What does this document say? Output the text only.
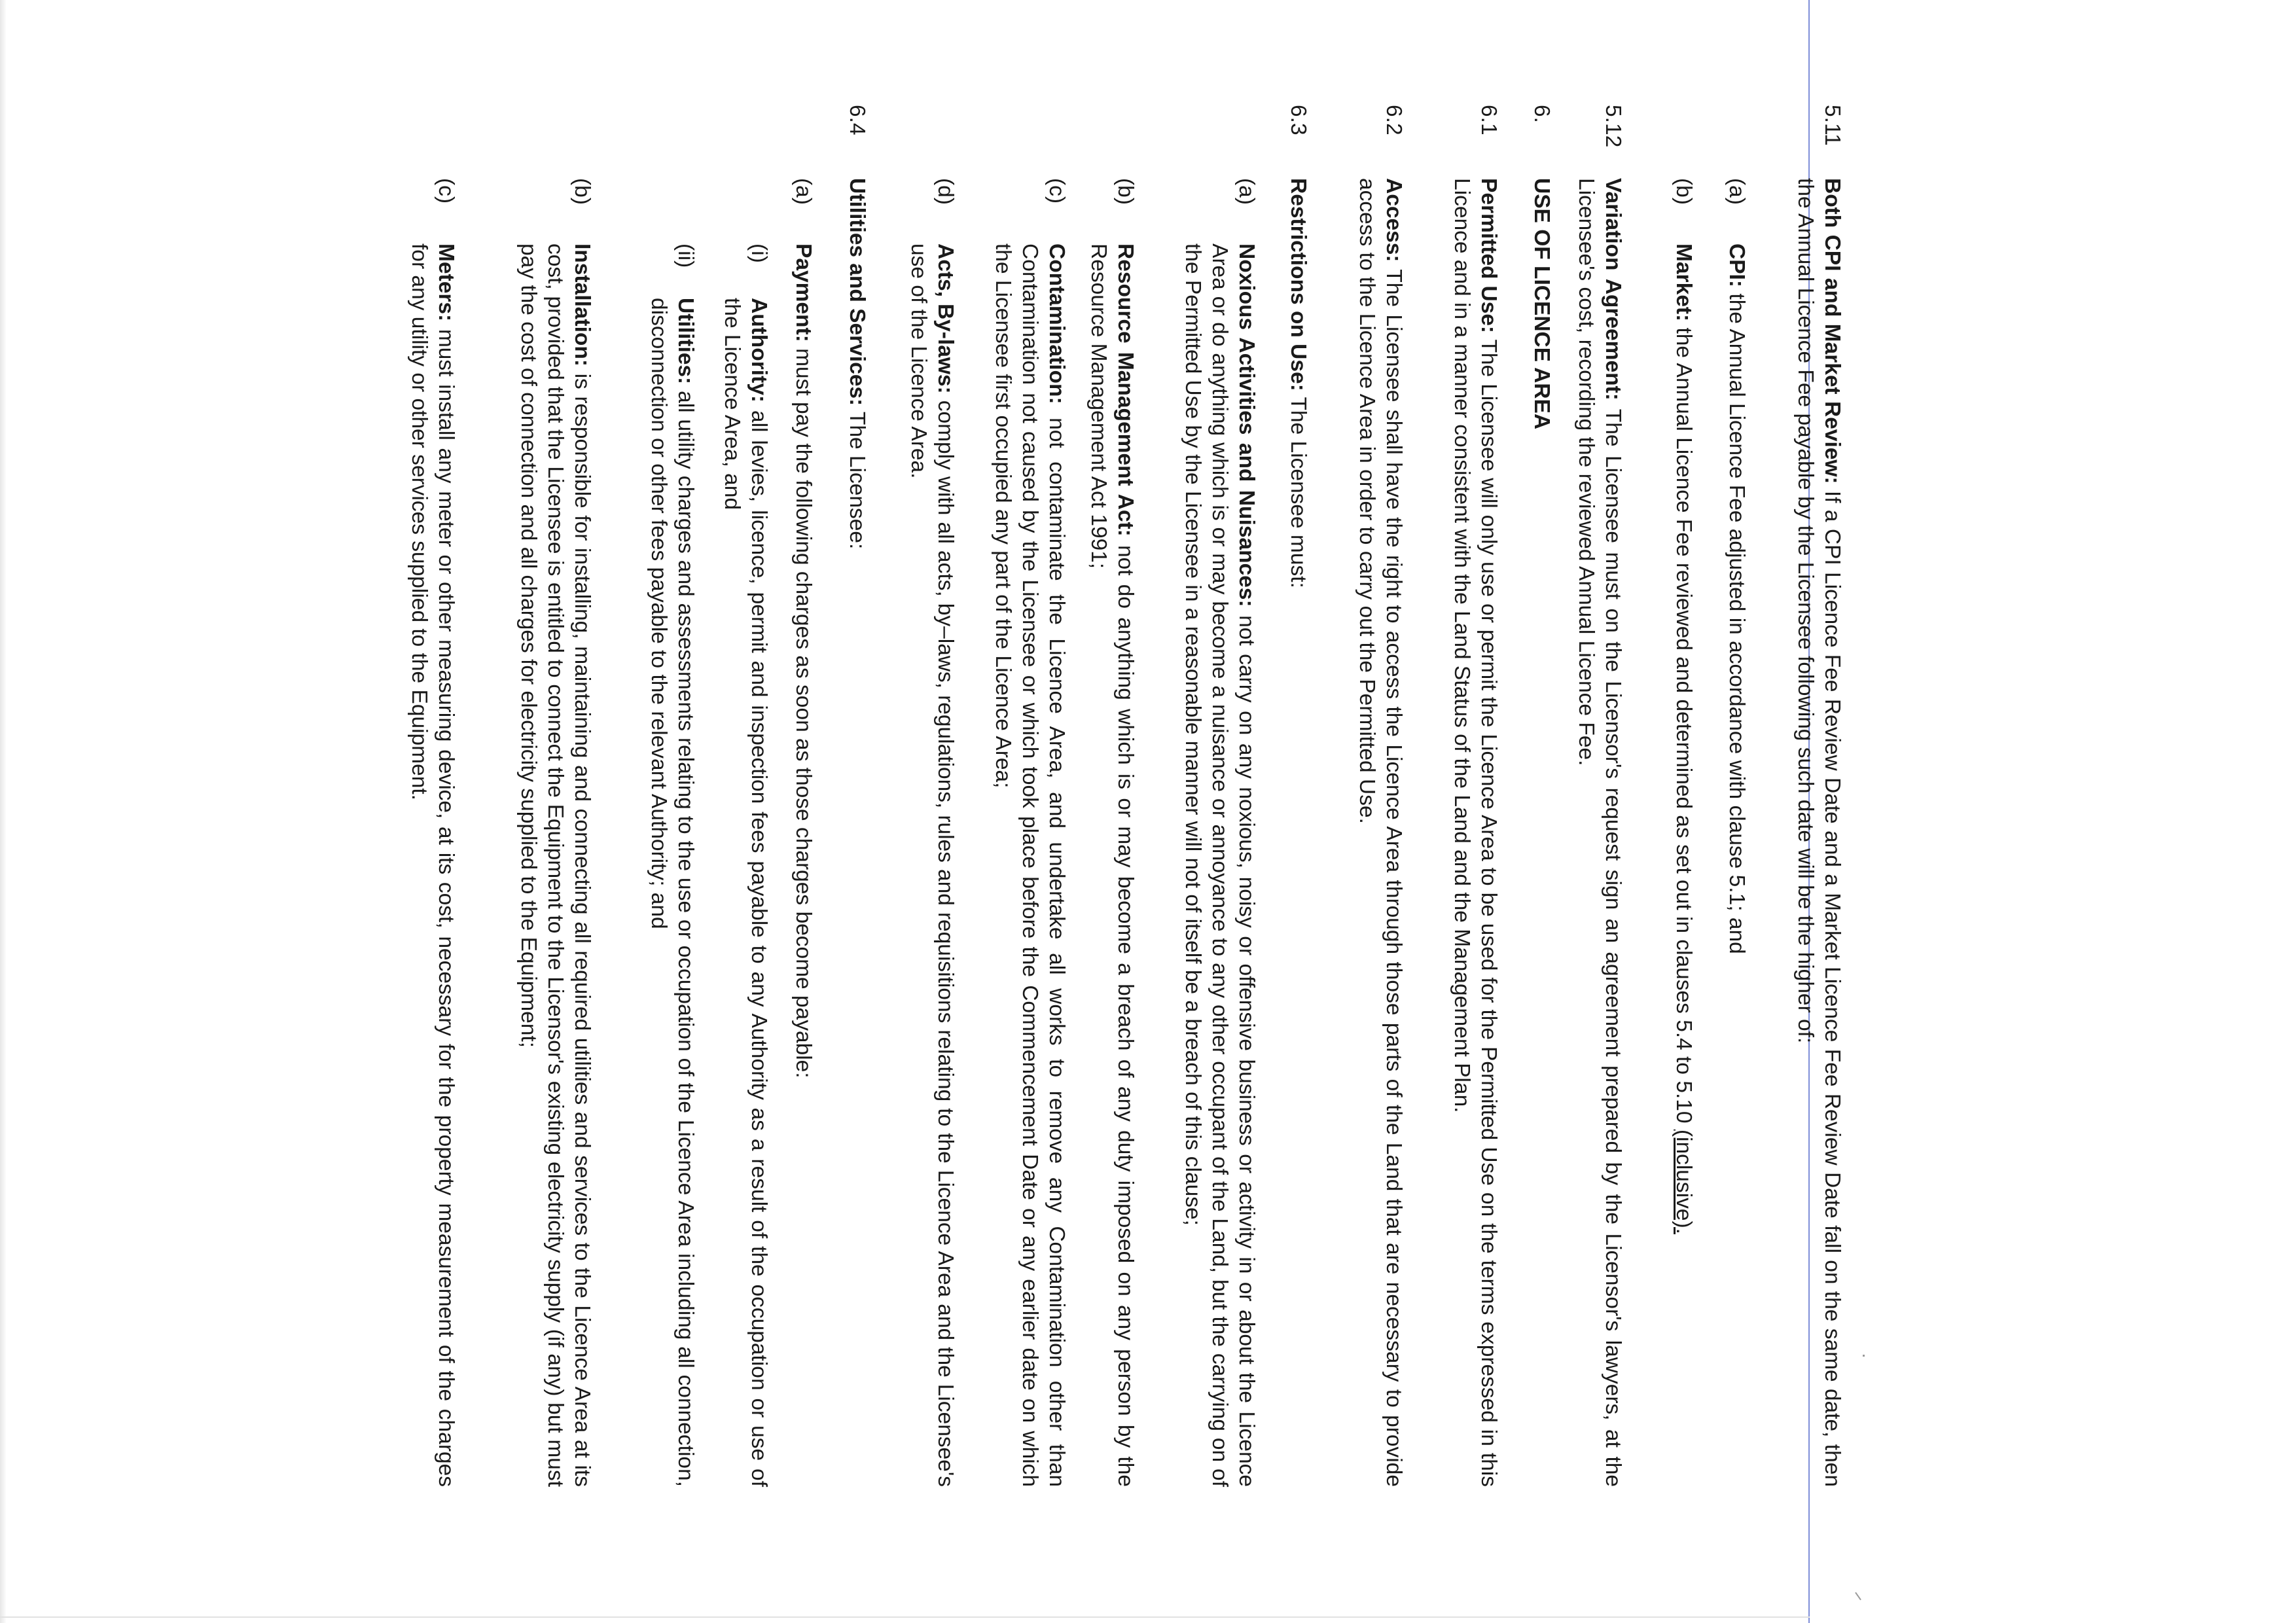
5.11
Both CPI and Market Review: If a CPI Licence Fee Review Date and a Market Licence Fee Review Date fall on the same date, then the Annual Licence Fee payable by the Licensee following such date will be the higher of:
(a)
CPI: the Annual Licence Fee adjusted in accordance with clause 5.1; and
(b)
Market: the Annual Licence Fee reviewed and determined as set out in clauses 5.4 to 5.10 (inclusive).
5.12
Variation Agreement: The Licensee must on the Licensor's request sign an agreement prepared by the Licensor's lawyers, at the Licensee's cost, recording the reviewed Annual Licence Fee.
6.
USE OF LICENCE AREA
6.1
Permitted Use: The Licensee will only use or permit the Licence Area to be used for the Permitted Use on the terms expressed in this Licence and in a manner consistent with the Land Status of the Land and the Management Plan.
6.2
Access: The Licensee shall have the right to access the Licence Area through those parts of the Land that are necessary to provide access to the Licence Area in order to carry out the Permitted Use.
6.3
Restrictions on Use: The Licensee must:
(a)
Noxious Activities and Nuisances: not carry on any noxious, noisy or offensive business or activity in or about the Licence Area or do anything which is or may become a nuisance or annoyance to any other occupant of the Land, but the carrying on of the Permitted Use by the Licensee in a reasonable manner will not of itself be a breach of this clause;
(b)
Resource Management Act: not do anything which is or may become a breach of any duty imposed on any person by the Resource Management Act 1991;
(c)
Contamination: not contaminate the Licence Area, and undertake all works to remove any Contamination other than Contamination not caused by the Licensee or which took place before the Commencement Date or any earlier date on which the Licensee first occupied any part of the Licence Area;
(d)
Acts, By-laws: comply with all acts, by–laws, regulations, rules and requisitions relating to the Licence Area and the Licensee's use of the Licence Area.
6.4
Utilities and Services: The Licensee:
(a)
Payment: must pay the following charges as soon as those charges become payable:
(i)
Authority: all levies, licence, permit and inspection fees payable to any Authority as a result of the occupation or use of the Licence Area, and
(ii)
Utilities: all utility charges and assessments relating to the use or occupation of the Licence Area including all connection, disconnection or other fees payable to the relevant Authority; and
(b)
Installation: is responsible for installing, maintaining and connecting all required utilities and services to the Licence Area at its cost, provided that the Licensee is entitled to connect the Equipment to the Licensor's existing electricity supply (if any) but must pay the cost of connection and all charges for electricity supplied to the Equipment;
(c)
Meters: must install any meter or other measuring device, at its cost, necessary for the property measurement of the charges for any utility or other services supplied to the Equipment.
